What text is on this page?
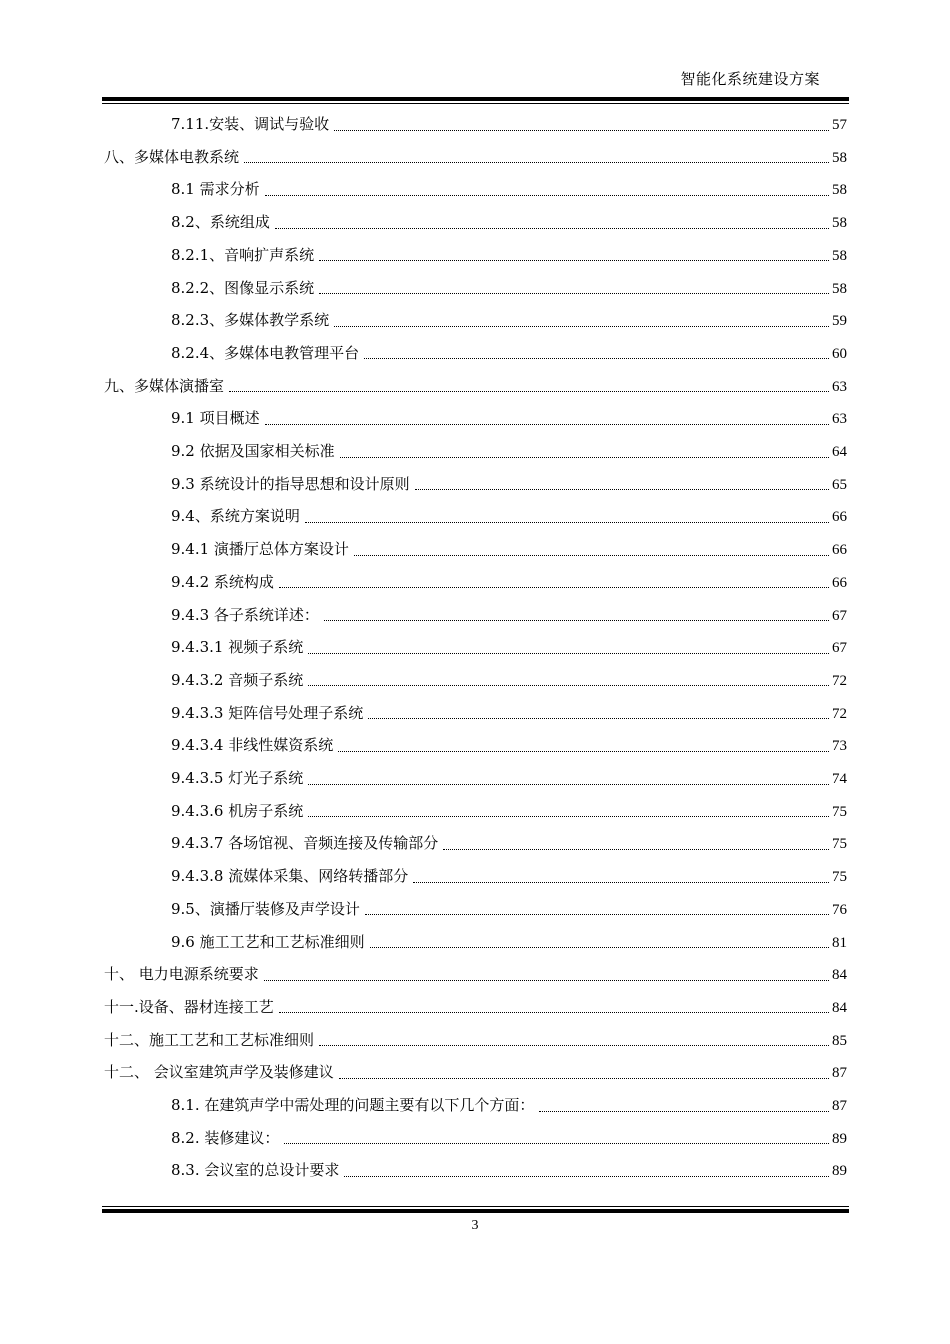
智能化系统建设方案
7.11.安装、调试与验收	57
八、多媒体电教系统	58
8.1 需求分析	58
8.2、系统组成	58
8.2.1、音响扩声系统	58
8.2.2、图像显示系统	58
8.2.3、多媒体教学系统	59
8.2.4、多媒体电教管理平台	60
九、多媒体演播室	63
9.1 项目概述	63
9.2 依据及国家相关标准	64
9.3 系统设计的指导思想和设计原则	65
9.4、系统方案说明	66
9.4.1 演播厅总体方案设计	66
9.4.2 系统构成	66
9.4.3 各子系统详述：	67
9.4.3.1 视频子系统	67
9.4.3.2 音频子系统	72
9.4.3.3 矩阵信号处理子系统	72
9.4.3.4 非线性媒资系统	73
9.4.3.5 灯光子系统	74
9.4.3.6 机房子系统	75
9.4.3.7 各场馆视、音频连接及传输部分	75
9.4.3.8 流媒体采集、网络转播部分	75
9.5、演播厅装修及声学设计	76
9.6 施工工艺和工艺标准细则	81
十、 电力电源系统要求	84
十一.设备、器材连接工艺	84
十二、施工工艺和工艺标准细则	85
十二、 会议室建筑声学及装修建议	87
8.1. 在建筑声学中需处理的问题主要有以下几个方面：	87
8.2. 装修建议：	89
8.3. 会议室的总设计要求	89
3
